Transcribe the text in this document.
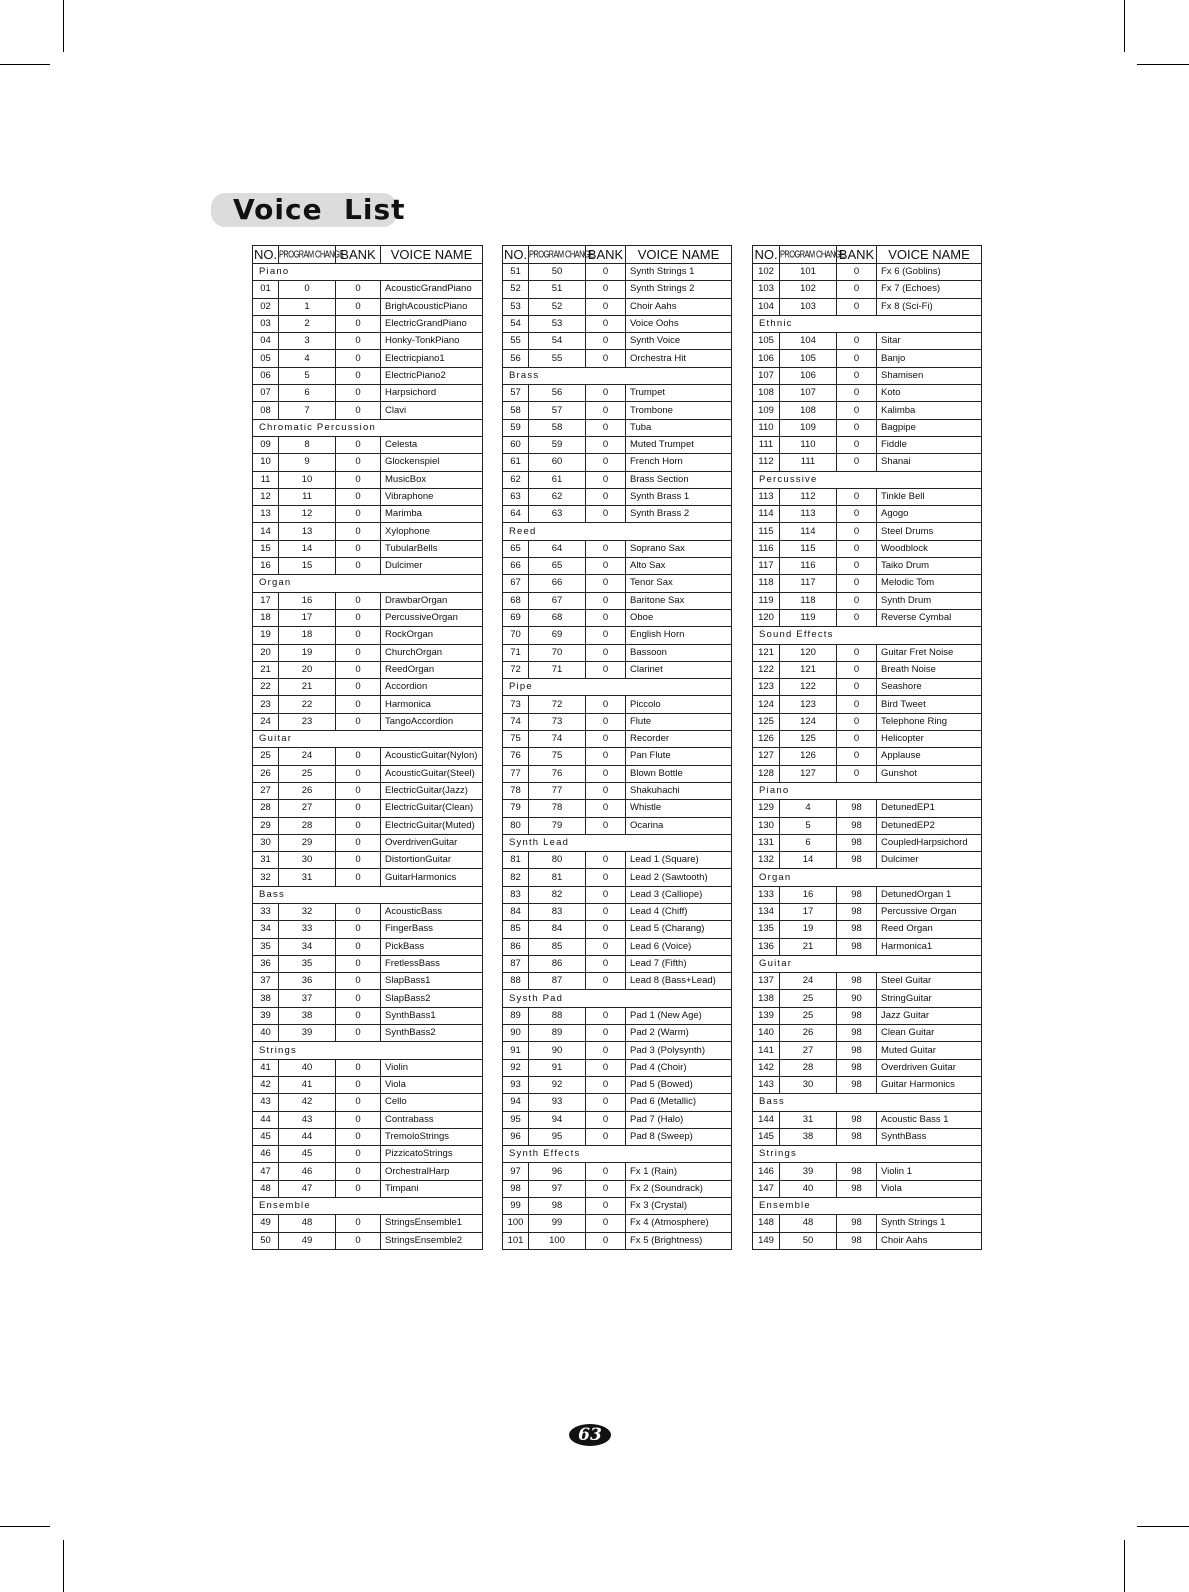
Voice  List
NO.	PROGRAM CHANGE	BANK	VOICE NAME
Piano			
01	0	0	AcousticGrandPiano
02	1	0	BrighAcousticPiano
03	2	0	ElectricGrandPiano
04	3	0	Honky-TonkPiano
05	4	0	Electricpiano1
06	5	0	ElectricPiano2
07	6	0	Harpsichord
08	7	0	Clavi
Chromatic Percussion			
09	8	0	Celesta
10	9	0	Glockenspiel
11	10	0	MusicBox
12	11	0	Vibraphone
13	12	0	Marimba
14	13	0	Xylophone
15	14	0	TubularBells
16	15	0	Dulcimer
Organ			
17	16	0	DrawbarOrgan
18	17	0	PercussiveOrgan
19	18	0	RockOrgan
20	19	0	ChurchOrgan
21	20	0	ReedOrgan
22	21	0	Accordion
23	22	0	Harmonica
24	23	0	TangoAccordion
Guitar			
25	24	0	AcousticGuitar(Nylon)
26	25	0	AcousticGuitar(Steel)
27	26	0	ElectricGuitar(Jazz)
28	27	0	ElectricGuitar(Clean)
29	28	0	ElectricGuitar(Muted)
30	29	0	OverdrivenGuitar
31	30	0	DistortionGuitar
32	31	0	GuitarHarmonics
Bass			
33	32	0	AcousticBass
34	33	0	FingerBass
35	34	0	PickBass
36	35	0	FretlessBass
37	36	0	SlapBass1
38	37	0	SlapBass2
39	38	0	SynthBass1
40	39	0	SynthBass2
Strings			
41	40	0	Violin
42	41	0	Viola
43	42	0	Cello
44	43	0	Contrabass
45	44	0	TremoloStrings
46	45	0	PizzicatoStrings
47	46	0	OrchestralHarp
48	47	0	Timpani
Ensemble			
49	48	0	StringsEnsemble1
50	49	0	StringsEnsemble2
NO.	PROGRAM CHANGE	BANK	VOICE NAME
51	50	0	Synth Strings 1
52	51	0	Synth Strings 2
53	52	0	Choir Aahs
54	53	0	Voice Oohs
55	54	0	Synth Voice
56	55	0	Orchestra Hit
Brass			
57	56	0	Trumpet
58	57	0	Trombone
59	58	0	Tuba
60	59	0	Muted Trumpet
61	60	0	French Horn
62	61	0	Brass Section
63	62	0	Synth Brass 1
64	63	0	Synth Brass 2
Reed			
65	64	0	Soprano Sax
66	65	0	Alto Sax
67	66	0	Tenor Sax
68	67	0	Baritone Sax
69	68	0	Oboe
70	69	0	English Horn
71	70	0	Bassoon
72	71	0	Clarinet
Pipe			
73	72	0	Piccolo
74	73	0	Flute
75	74	0	Recorder
76	75	0	Pan Flute
77	76	0	Blown Bottle
78	77	0	Shakuhachi
79	78	0	Whistle
80	79	0	Ocarina
Synth Lead			
81	80	0	Lead 1 (Square)
82	81	0	Lead 2 (Sawtooth)
83	82	0	Lead 3 (Calliope)
84	83	0	Lead 4 (Chiff)
85	84	0	Lead 5 (Charang)
86	85	0	Lead 6 (Voice)
87	86	0	Lead 7 (Fifth)
88	87	0	Lead 8 (Bass+Lead)
Systh Pad			
89	88	0	Pad 1 (New Age)
90	89	0	Pad 2 (Warm)
91	90	0	Pad 3 (Polysynth)
92	91	0	Pad 4 (Choir)
93	92	0	Pad 5 (Bowed)
94	93	0	Pad 6 (Metallic)
95	94	0	Pad 7 (Halo)
96	95	0	Pad 8 (Sweep)
Synth Effects			
97	96	0	Fx 1 (Rain)
98	97	0	Fx 2 (Soundrack)
99	98	0	Fx 3 (Crystal)
100	99	0	Fx 4 (Atmosphere)
101	100	0	Fx 5 (Brightness)
NO.	PROGRAM CHANGE	BANK	VOICE NAME
102	101	0	Fx 6 (Goblins)
103	102	0	Fx 7 (Echoes)
104	103	0	Fx 8 (Sci-Fi)
Ethnic			
105	104	0	Sitar
106	105	0	Banjo
107	106	0	Shamisen
108	107	0	Koto
109	108	0	Kalimba
110	109	0	Bagpipe
111	110	0	Fiddle
112	111	0	Shanai
Percussive			
113	112	0	Tinkle Bell
114	113	0	Agogo
115	114	0	Steel Drums
116	115	0	Woodblock
117	116	0	Taiko Drum
118	117	0	Melodic Tom
119	118	0	Synth Drum
120	119	0	Reverse Cymbal
Sound Effects			
121	120	0	Guitar Fret Noise
122	121	0	Breath Noise
123	122	0	Seashore
124	123	0	Bird Tweet
125	124	0	Telephone Ring
126	125	0	Helicopter
127	126	0	Applause
128	127	0	Gunshot
Piano			
129	4	98	DetunedEP1
130	5	98	DetunedEP2
131	6	98	CoupledHarpsichord
132	14	98	Dulcimer
Organ			
133	16	98	DetunedOrgan 1
134	17	98	Percussive Organ
135	19	98	Reed Organ
136	21	98	Harmonica1
Guitar			
137	24	98	Steel Guitar
138	25	90	StringGuitar
139	25	98	Jazz Guitar
140	26	98	Clean Guitar
141	27	98	Muted Guitar
142	28	98	Overdriven Guitar
143	30	98	Guitar Harmonics
Bass			
144	31	98	Acoustic Bass 1
145	38	98	SynthBass
Strings			
146	39	98	Violin 1
147	40	98	Viola
Ensemble			
148	48	98	Synth Strings 1
149	50	98	Choir Aahs
63
